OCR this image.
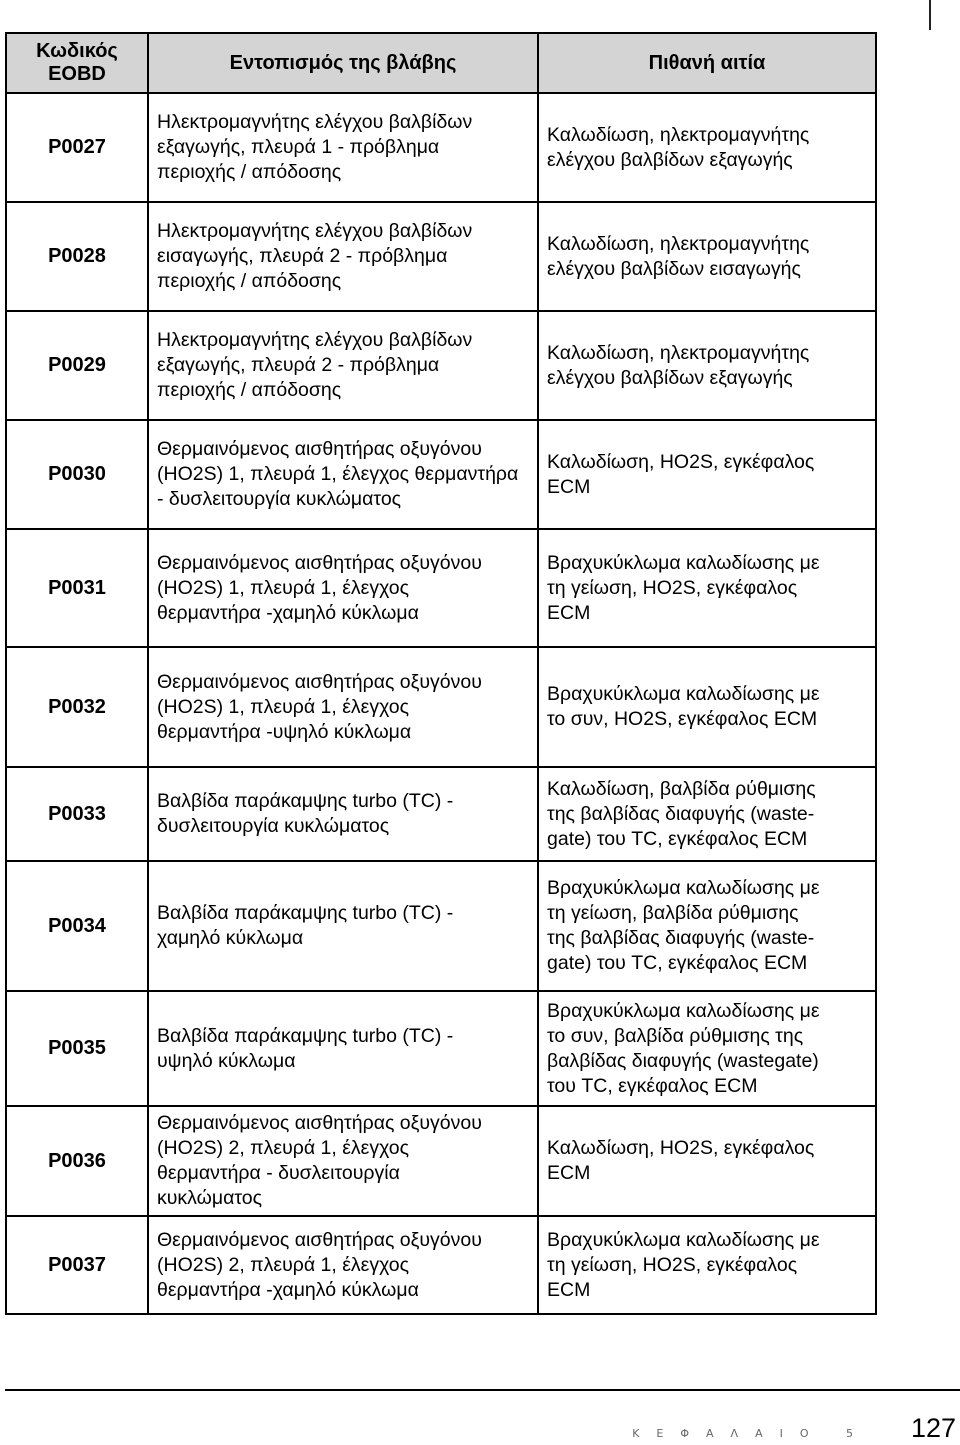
Κωδικός
EOBD	Εντοπισμός της βλάβης	Πιθανή αιτία
P0027	Ηλεκτρομαγνήτης ελέγχου βαλβίδων
εξαγωγής, πλευρά 1 - πρόβλημα
περιοχής / απόδοσης	Καλωδίωση, ηλεκτρομαγνήτης
ελέγχου βαλβίδων εξαγωγής
P0028	Ηλεκτρομαγνήτης ελέγχου βαλβίδων
εισαγωγής, πλευρά 2 - πρόβλημα
περιοχής / απόδοσης	Καλωδίωση, ηλεκτρομαγνήτης
ελέγχου βαλβίδων εισαγωγής
P0029	Ηλεκτρομαγνήτης ελέγχου βαλβίδων
εξαγωγής, πλευρά 2 - πρόβλημα
περιοχής / απόδοσης	Καλωδίωση, ηλεκτρομαγνήτης
ελέγχου βαλβίδων εξαγωγής
P0030	Θερμαινόμενος αισθητήρας οξυγόνου
(HO2S) 1, πλευρά 1, έλεγχος θερμαντήρα
- δυσλειτουργία κυκλώματος	Καλωδίωση, HO2S, εγκέφαλος
ECM
P0031	Θερμαινόμενος αισθητήρας οξυγόνου
(HO2S) 1, πλευρά 1, έλεγχος
θερμαντήρα -χαμηλό κύκλωμα	Βραχυκύκλωμα καλωδίωσης με
τη γείωση, HO2S, εγκέφαλος
ECM
P0032	Θερμαινόμενος αισθητήρας οξυγόνου
(HO2S) 1, πλευρά 1, έλεγχος
θερμαντήρα -υψηλό κύκλωμα	Βραχυκύκλωμα καλωδίωσης με
το συν, HO2S, εγκέφαλος ECM
P0033	Βαλβίδα παράκαμψης turbo (TC) -
δυσλειτουργία κυκλώματος	Καλωδίωση, βαλβίδα ρύθμισης
της βαλβίδας διαφυγής (waste-
gate) του TC, εγκέφαλος ECM
P0034	Βαλβίδα παράκαμψης turbo (TC) -
χαμηλό κύκλωμα	Βραχυκύκλωμα καλωδίωσης με
τη γείωση, βαλβίδα ρύθμισης
της βαλβίδας διαφυγής (waste-
gate) του TC, εγκέφαλος ECM
P0035	Βαλβίδα παράκαμψης turbo (TC) -
υψηλό κύκλωμα	Βραχυκύκλωμα καλωδίωσης με
το συν, βαλβίδα ρύθμισης της
βαλβίδας διαφυγής (wastegate)
του TC, εγκέφαλος ECM
P0036	Θερμαινόμενος αισθητήρας οξυγόνου
(HO2S) 2, πλευρά 1, έλεγχος
θερμαντήρα - δυσλειτουργία
κυκλώματος	Καλωδίωση, HO2S, εγκέφαλος
ECM
P0037	Θερμαινόμενος αισθητήρας οξυγόνου
(HO2S) 2, πλευρά 1, έλεγχος
θερμαντήρα -χαμηλό κύκλωμα	Βραχυκύκλωμα καλωδίωσης με
τη γείωση, HO2S, εγκέφαλος
ECM
ΚΕΦΑΛΑΙΟ 5 127
